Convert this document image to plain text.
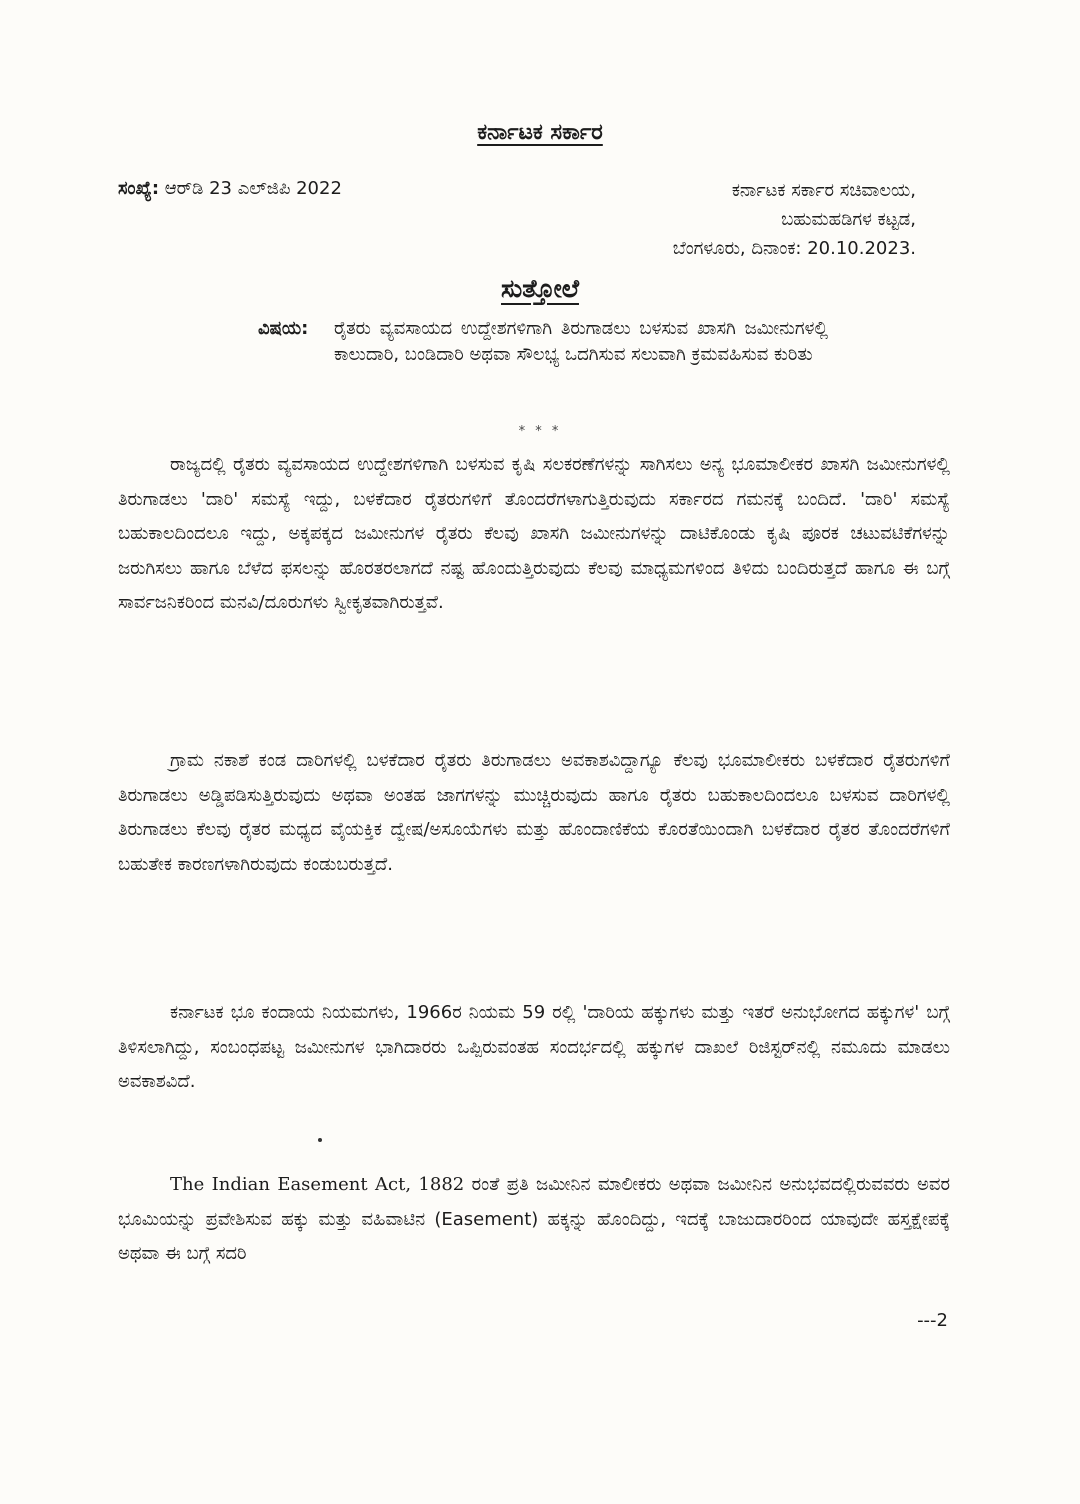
ಕರ್ನಾಟಕ ಸರ್ಕಾರ
ಸಂಖ್ಯೆ: ಆರ್‌ಡಿ 23 ಎಲ್‌ಜಿಪಿ 2022	ಕರ್ನಾಟಕ ಸರ್ಕಾರ ಸಚಿವಾಲಯ,
ಬಹುಮಹಡಿಗಳ ಕಟ್ಟಡ,
ಬೆಂಗಳೂರು, ದಿನಾಂಕ: 20.10.2023.
ಸುತ್ತೋಲೆ
ವಿಷಯ: ರೈತರು ವ್ಯವಸಾಯದ ಉದ್ದೇಶಗಳಿಗಾಗಿ ತಿರುಗಾಡಲು ಬಳಸುವ ಖಾಸಗಿ ಜಮೀನುಗಳಲ್ಲಿ ಕಾಲುದಾರಿ, ಬಂಡಿದಾರಿ ಅಥವಾ ಸೌಲಭ್ಯ ಒದಗಿಸುವ ಸಲುವಾಗಿ ಕ್ರಮವಹಿಸುವ ಕುರಿತು
* * *

ರಾಜ್ಯದಲ್ಲಿ ರೈತರು ವ್ಯವಸಾಯದ ಉದ್ದೇಶಗಳಿಗಾಗಿ ಬಳಸುವ ಕೃಷಿ ಸಲಕರಣೆಗಳನ್ನು ಸಾಗಿಸಲು ಅನ್ಯ ಭೂಮಾಲೀಕರ ಖಾಸಗಿ ಜಮೀನುಗಳಲ್ಲಿ ತಿರುಗಾಡಲು 'ದಾರಿ' ಸಮಸ್ಯೆ ಇದ್ದು, ಬಳಕೆದಾರ ರೈತರುಗಳಿಗೆ ತೊಂದರೆಗಳಾಗುತ್ತಿರುವುದು ಸರ್ಕಾರದ ಗಮನಕ್ಕೆ ಬಂದಿದೆ. 'ದಾರಿ' ಸಮಸ್ಯೆ ಬಹುಕಾಲದಿಂದಲೂ ಇದ್ದು, ಅಕ್ಕಪಕ್ಕದ ಜಮೀನುಗಳ ರೈತರು ಕೆಲವು ಖಾಸಗಿ ಜಮೀನುಗಳನ್ನು ದಾಟಿಕೊಂಡು ಕೃಷಿ ಪೂರಕ ಚಟುವಟಿಕೆಗಳನ್ನು ಜರುಗಿಸಲು ಹಾಗೂ ಬೆಳೆದ ಫಸಲನ್ನು ಹೊರತರಲಾಗದೆ ನಷ್ಟ ಹೊಂದುತ್ತಿರುವುದು ಕೆಲವು ಮಾಧ್ಯಮಗಳಿಂದ ತಿಳಿದು ಬಂದಿರುತ್ತದೆ ಹಾಗೂ ಈ ಬಗ್ಗೆ ಸಾರ್ವಜನಿಕರಿಂದ ಮನವಿ/ದೂರುಗಳು ಸ್ವೀಕೃತವಾಗಿರುತ್ತವೆ.

ಗ್ರಾಮ ನಕಾಶೆ ಕಂಡ ದಾರಿಗಳಲ್ಲಿ ಬಳಕೆದಾರ ರೈತರು ತಿರುಗಾಡಲು ಅವಕಾಶವಿದ್ದಾಗ್ಯೂ ಕೆಲವು ಭೂಮಾಲೀಕರು ಬಳಕೆದಾರ ರೈತರುಗಳಿಗೆ ತಿರುಗಾಡಲು ಅಡ್ಡಿಪಡಿಸುತ್ತಿರುವುದು ಅಥವಾ ಅಂತಹ ಜಾಗಗಳನ್ನು ಮುಚ್ಚಿರುವುದು ಹಾಗೂ ರೈತರು ಬಹುಕಾಲದಿಂದಲೂ ಬಳಸುವ ದಾರಿಗಳಲ್ಲಿ ತಿರುಗಾಡಲು ಕೆಲವು ರೈತರ ಮಧ್ಯದ ವೈಯಕ್ತಿಕ ದ್ವೇಷ/ಅಸೂಯೆಗಳು ಮತ್ತು ಹೊಂದಾಣಿಕೆಯ ಕೊರತೆಯಿಂದಾಗಿ ಬಳಕೆದಾರ ರೈತರ ತೊಂದರೆಗಳಿಗೆ ಬಹುತೇಕ ಕಾರಣಗಳಾಗಿರುವುದು ಕಂಡುಬರುತ್ತದೆ.

ಕರ್ನಾಟಕ ಭೂ ಕಂದಾಯ ನಿಯಮಗಳು, 1966ರ ನಿಯಮ 59 ರಲ್ಲಿ 'ದಾರಿಯ ಹಕ್ಕುಗಳು ಮತ್ತು ಇತರೆ ಅನುಭೋಗದ ಹಕ್ಕುಗಳ' ಬಗ್ಗೆ ತಿಳಿಸಲಾಗಿದ್ದು, ಸಂಬಂಧಪಟ್ಟ ಜಮೀನುಗಳ ಭಾಗಿದಾರರು ಒಪ್ಪಿರುವಂತಹ ಸಂದರ್ಭದಲ್ಲಿ ಹಕ್ಕುಗಳ ದಾಖಲೆ ರಿಜಿಸ್ಟರ್‌ನಲ್ಲಿ ನಮೂದು ಮಾಡಲು ಅವಕಾಶವಿದೆ.

The Indian Easement Act, 1882 ರಂತೆ ಪ್ರತಿ ಜಮೀನಿನ ಮಾಲೀಕರು ಅಥವಾ ಜಮೀನಿನ ಅನುಭವದಲ್ಲಿರುವವರು ಅವರ ಭೂಮಿಯನ್ನು ಪ್ರವೇಶಿಸುವ ಹಕ್ಕು ಮತ್ತು ವಹಿವಾಟಿನ (Easement) ಹಕ್ಕನ್ನು ಹೊಂದಿದ್ದು, ಇದಕ್ಕೆ ಬಾಜುದಾರರಿಂದ ಯಾವುದೇ ಹಸ್ತಕ್ಷೇಪಕ್ಕೆ ಅಥವಾ ಈ ಬಗ್ಗೆ ಸದರಿ

---2
